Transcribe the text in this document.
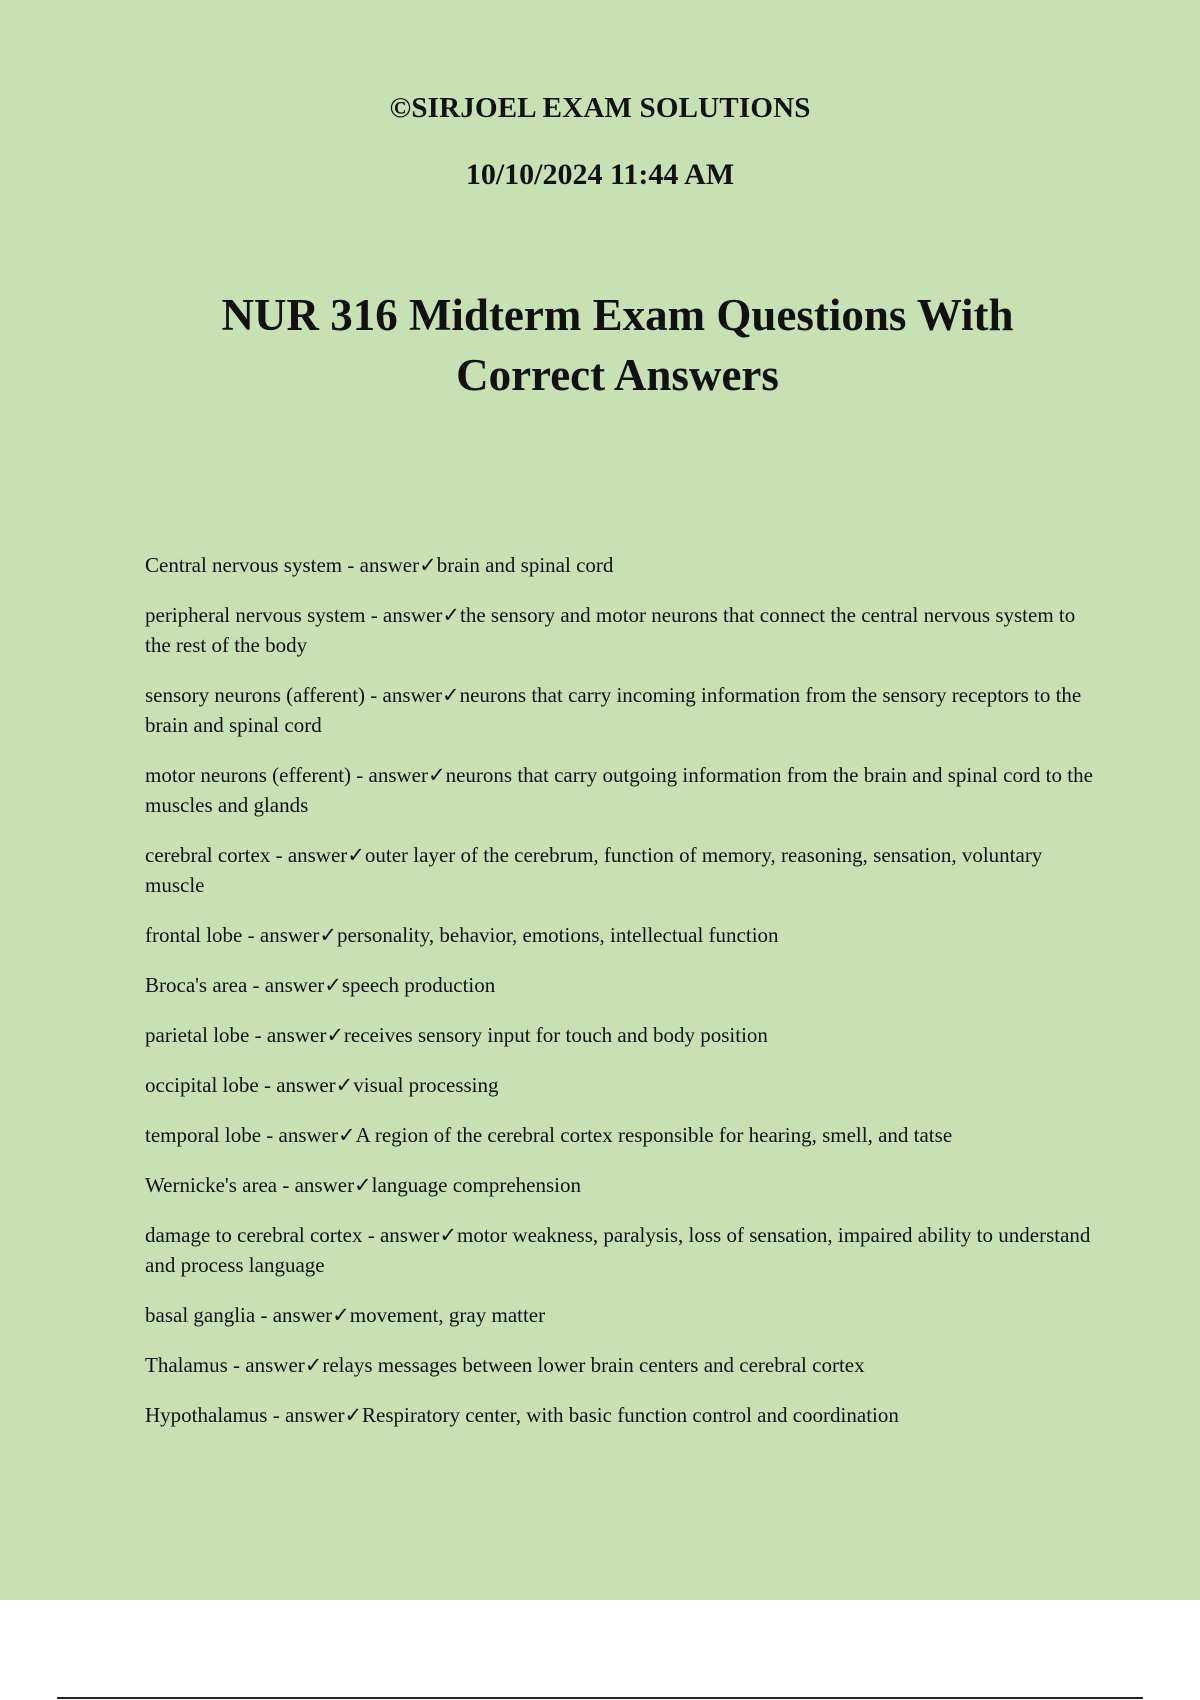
©SIRJOEL EXAM SOLUTIONS
10/10/2024 11:44 AM
NUR 316 Midterm Exam Questions With Correct Answers
Central nervous system - answer✓brain and spinal cord
peripheral nervous system - answer✓the sensory and motor neurons that connect the central nervous system to the rest of the body
sensory neurons (afferent) - answer✓neurons that carry incoming information from the sensory receptors to the brain and spinal cord
motor neurons (efferent) - answer✓neurons that carry outgoing information from the brain and spinal cord to the muscles and glands
cerebral cortex - answer✓outer layer of the cerebrum, function of memory, reasoning, sensation, voluntary muscle
frontal lobe - answer✓personality, behavior, emotions, intellectual function
Broca's area - answer✓speech production
parietal lobe - answer✓receives sensory input for touch and body position
occipital lobe - answer✓visual processing
temporal lobe - answer✓A region of the cerebral cortex responsible for hearing, smell, and tatse
Wernicke's area - answer✓language comprehension
damage to cerebral cortex - answer✓motor weakness, paralysis, loss of sensation, impaired ability to understand and process language
basal ganglia - answer✓movement, gray matter
Thalamus - answer✓relays messages between lower brain centers and cerebral cortex
Hypothalamus - answer✓Respiratory center, with basic function control and coordination
